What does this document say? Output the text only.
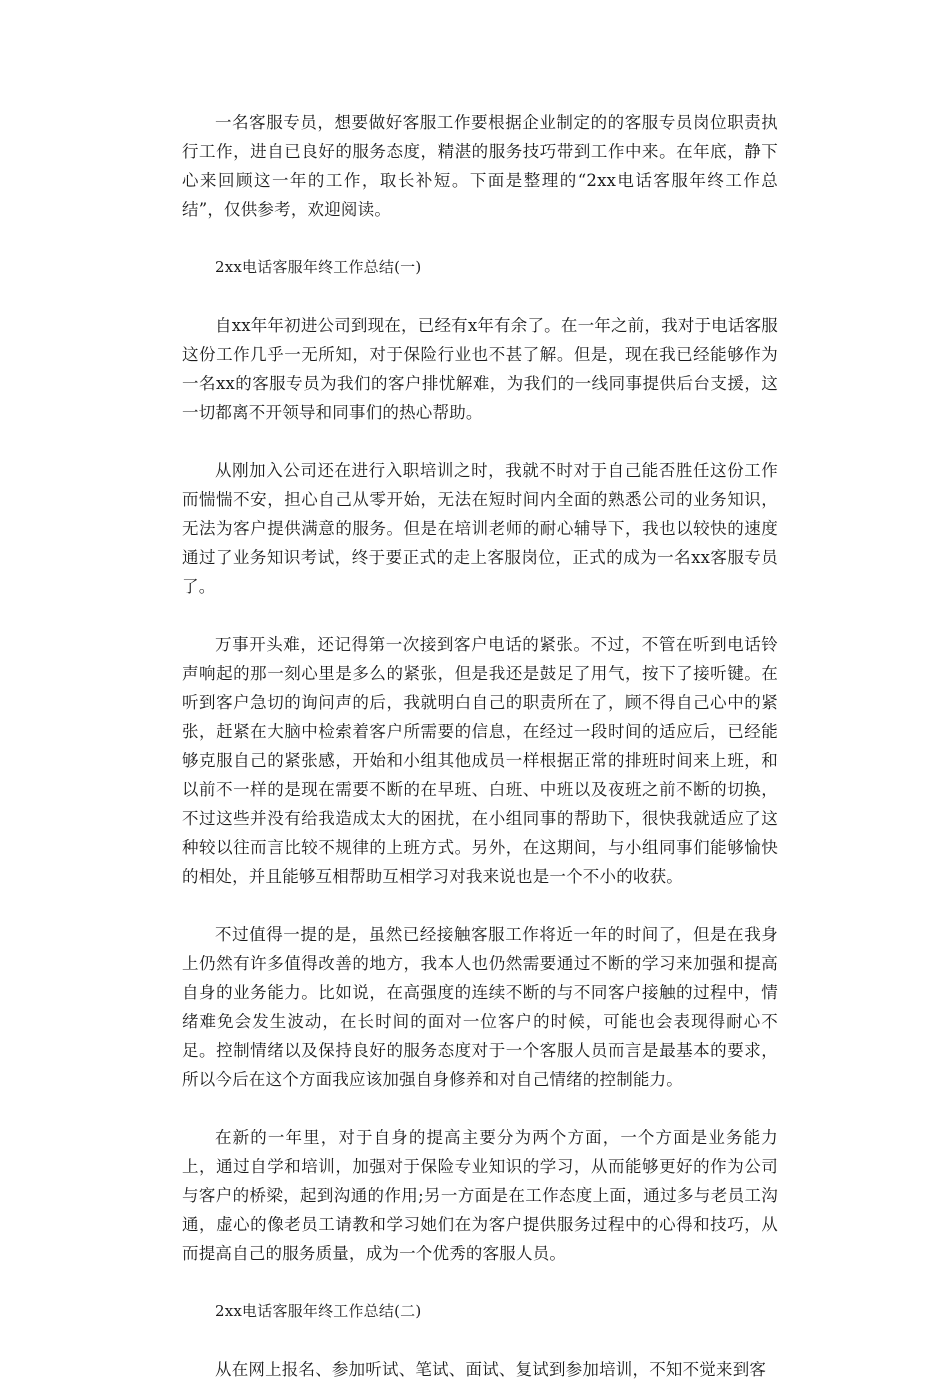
一名客服专员，想要做好客服工作要根据企业制定的的客服专员岗位职责执行工作，进自已良好的服务态度，精湛的服务技巧带到工作中来。在年底，静下心来回顾这一年的工作，取长补短。下面是整理的“2xx电话客服年终工作总结”，仅供参考，欢迎阅读。

2xx电话客服年终工作总结(一)

自xx年年初进公司到现在，已经有x年有余了。在一年之前，我对于电话客服这份工作几乎一无所知，对于保险行业也不甚了解。但是，现在我已经能够作为一名xx的客服专员为我们的客户排忧解难，为我们的一线同事提供后台支援，这一切都离不开领导和同事们的热心帮助。

从刚加入公司还在进行入职培训之时，我就不时对于自己能否胜任这份工作而惴惴不安，担心自己从零开始，无法在短时间内全面的熟悉公司的业务知识，无法为客户提供满意的服务。但是在培训老师的耐心辅导下，我也以较快的速度通过了业务知识考试，终于要正式的走上客服岗位，正式的成为一名xx客服专员了。

万事开头难，还记得第一次接到客户电话的紧张。不过，不管在听到电话铃声响起的那一刻心里是多么的紧张，但是我还是鼓足了用气，按下了接听键。在听到客户急切的询问声的后，我就明白自己的职责所在了，顾不得自己心中的紧张，赶紧在大脑中检索着客户所需要的信息，在经过一段时间的适应后，已经能够克服自己的紧张感，开始和小组其他成员一样根据正常的排班时间来上班，和以前不一样的是现在需要不断的在早班、白班、中班以及夜班之前不断的切换，不过这些并没有给我造成太大的困扰，在小组同事的帮助下，很快我就适应了这种较以往而言比较不规律的上班方式。另外，在这期间，与小组同事们能够愉快的相处，并且能够互相帮助互相学习对我来说也是一个不小的收获。

不过值得一提的是，虽然已经接触客服工作将近一年的时间了，但是在我身上仍然有许多值得改善的地方，我本人也仍然需要通过不断的学习来加强和提高自身的业务能力。比如说，在高强度的连续不断的与不同客户接触的过程中，情绪难免会发生波动，在长时间的面对一位客户的时候，可能也会表现得耐心不足。控制情绪以及保持良好的服务态度对于一个客服人员而言是最基本的要求，所以今后在这个方面我应该加强自身修养和对自己情绪的控制能力。

在新的一年里，对于自身的提高主要分为两个方面，一个方面是业务能力上，通过自学和培训，加强对于保险专业知识的学习，从而能够更好的作为公司与客户的桥梁，起到沟通的作用;另一方面是在工作态度上面，通过多与老员工沟通，虚心的像老员工请教和学习她们在为客户提供服务过程中的心得和技巧，从而提高自己的服务质量，成为一个优秀的客服人员。

2xx电话客服年终工作总结(二)

从在网上报名、参加听试、笔试、面试、复试到参加培训，不知不觉来到客
